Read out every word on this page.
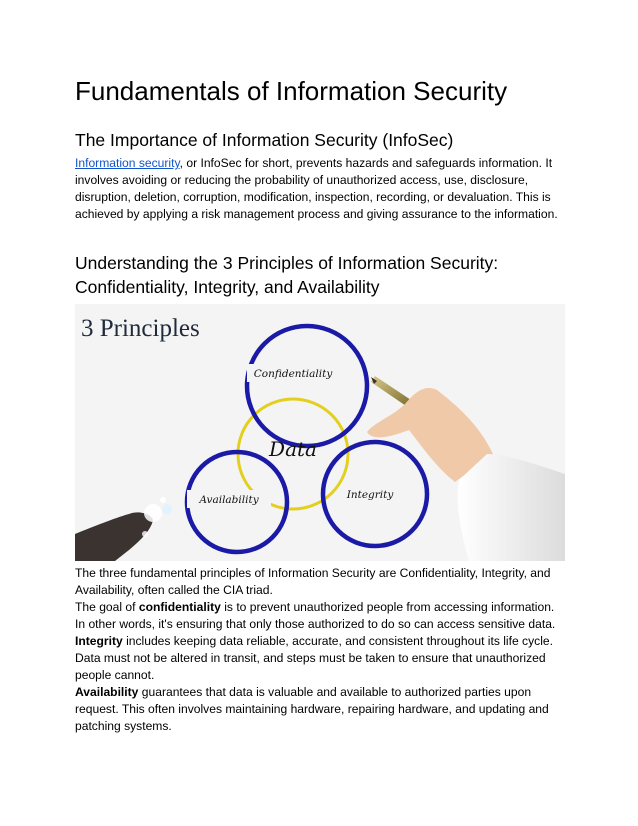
Fundamentals of Information Security
The Importance of Information Security (InfoSec)

Information security, or InfoSec for short, prevents hazards and safeguards information. It involves avoiding or reducing the probability of unauthorized access, use, disclosure, disruption, deletion, corruption, modification, inspection, recording, or devaluation. This is achieved by applying a risk management process and giving assurance to the information.

Understanding the 3 Principles of Information Security: Confidentiality, Integrity, and Availability
3 Principles
Data
Confidentiality
Availability	Integrity

The three fundamental principles of Information Security are Confidentiality, Integrity, and Availability, often called the CIA triad.

The goal of confidentiality is to prevent unauthorized people from accessing information. In other words, it's ensuring that only those authorized to do so can access sensitive data.

Integrity includes keeping data reliable, accurate, and consistent throughout its life cycle. Data must not be altered in transit, and steps must be taken to ensure that unauthorized people cannot.

Availability guarantees that data is valuable and available to authorized parties upon request. This often involves maintaining hardware, repairing hardware, and updating and patching systems.
